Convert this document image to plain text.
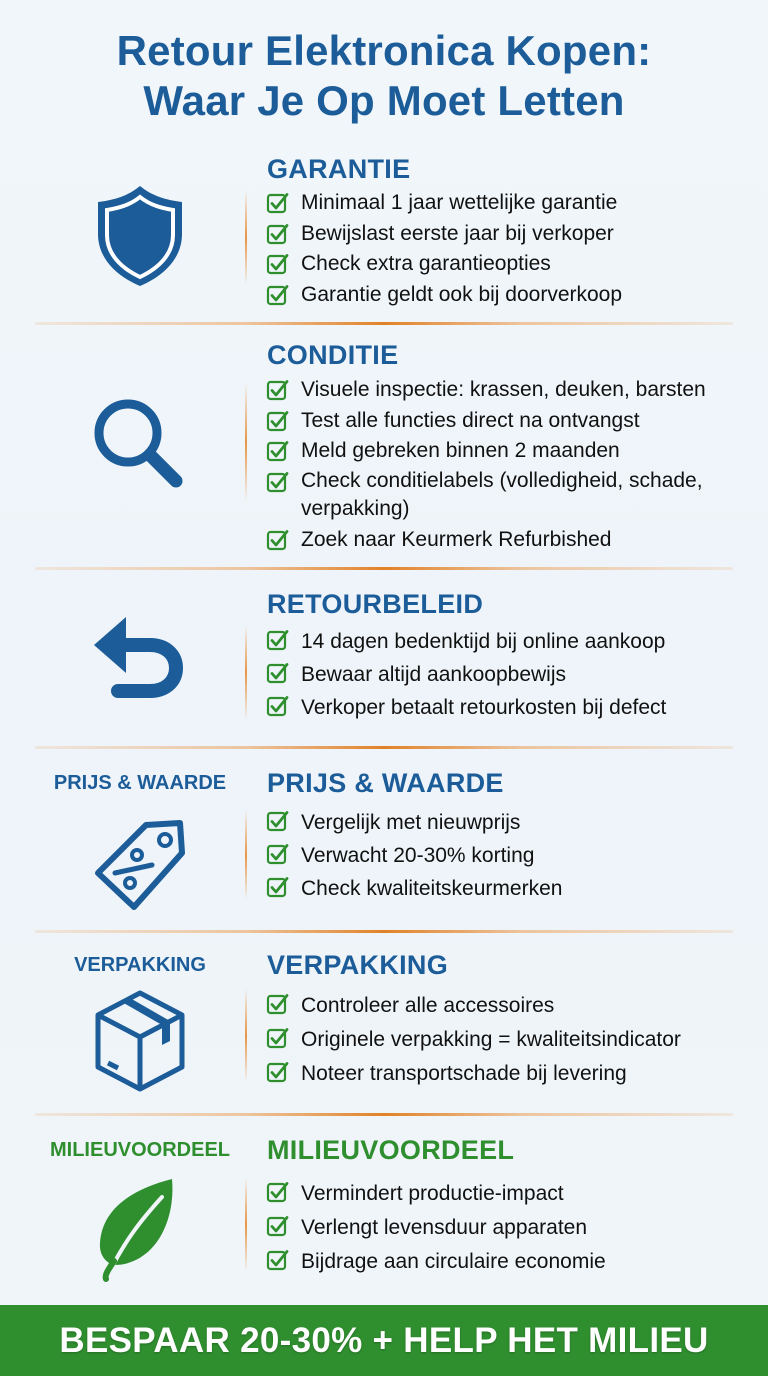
Retour Elektronica Kopen:
Waar Je Op Moet Letten
GARANTIE
Minimaal 1 jaar wettelijke garantie
Bewijslast eerste jaar bij verkoper
Check extra garantieopties
Garantie geldt ook bij doorverkoop
CONDITIE
Visuele inspectie: krassen, deuken, barsten
Test alle functies direct na ontvangst
Meld gebreken binnen 2 maanden
Check conditielabels (volledigheid, schade, verpakking)
Zoek naar Keurmerk Refurbished
RETOURBELEID
14 dagen bedenktijd bij online aankoop
Bewaar altijd aankoopbewijs
Verkoper betaalt retourkosten bij defect
PRIJS & WAARDE	PRIJS & WAARDE
Vergelijk met nieuwprijs
Verwacht 20-30% korting
Check kwaliteitskeurmerken
VERPAKKING	VERPAKKING
Controleer alle accessoires
Originele verpakking = kwaliteitsindicator
Noteer transportschade bij levering
MILIEUVOORDEEL	MILIEUVOORDEEL
Vermindert productie-impact
Verlengt levensduur apparaten
Bijdrage aan circulaire economie
BESPAAR 20-30% + HELP HET MILIEU
